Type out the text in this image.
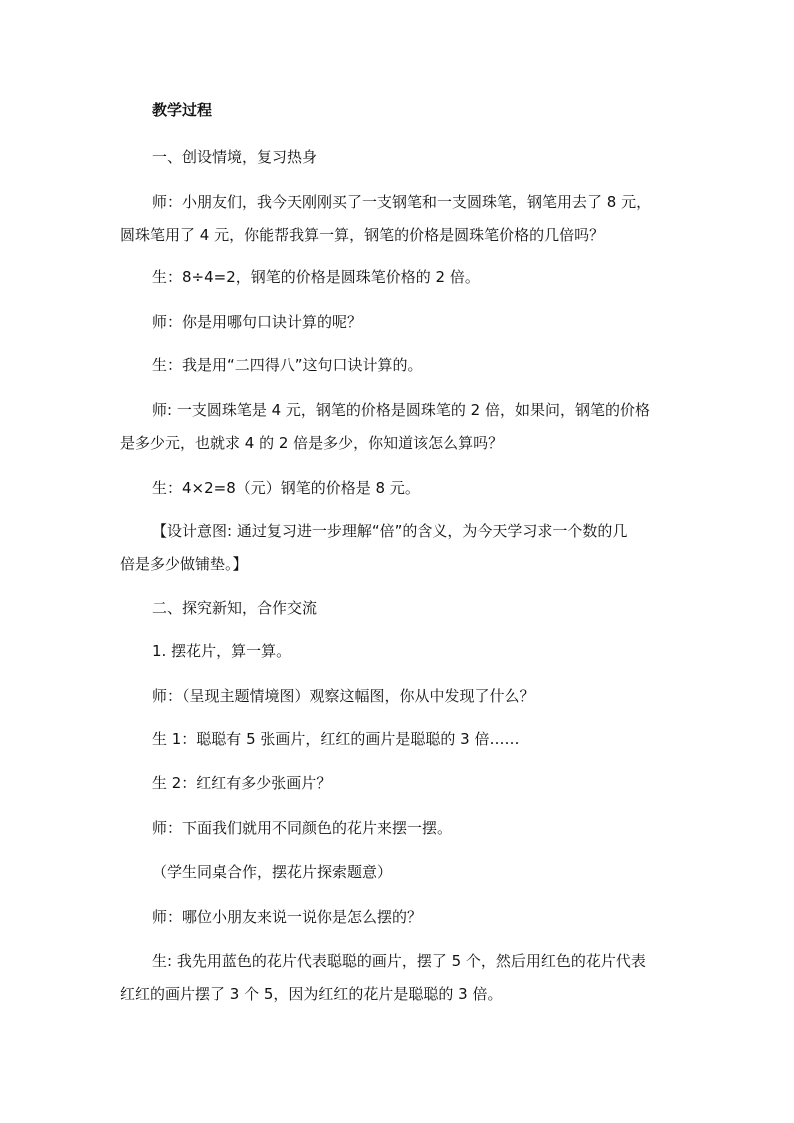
教学过程

一、创设情境，复习热身

师：小朋友们，我今天刚刚买了一支钢笔和一支圆珠笔，钢笔用去了 8 元，
圆珠笔用了 4 元，你能帮我算一算，钢笔的价格是圆珠笔价格的几倍吗？

生：8÷4=2，钢笔的价格是圆珠笔价格的 2 倍。

师：你是用哪句口诀计算的呢？

生：我是用“二四得八”这句口诀计算的。

师: 一支圆珠笔是 4 元，钢笔的价格是圆珠笔的 2 倍，如果问，钢笔的价格
是多少元，也就求 4 的 2 倍是多少，你知道该怎么算吗？

生：4×2=8（元）钢笔的价格是 8 元。

【设计意图: 通过复习进一步理解“倍”的含义，为今天学习求一个数的几
倍是多少做铺垫。】

二、探究新知，合作交流

1. 摆花片，算一算。

师：（呈现主题情境图）观察这幅图，你从中发现了什么？

生 1：聪聪有 5 张画片，红红的画片是聪聪的 3 倍……

生 2：红红有多少张画片？

师：下面我们就用不同颜色的花片来摆一摆。

（学生同桌合作，摆花片探索题意）

师：哪位小朋友来说一说你是怎么摆的？

生: 我先用蓝色的花片代表聪聪的画片，摆了 5 个，然后用红色的花片代表
红红的画片摆了 3 个 5，因为红红的花片是聪聪的 3 倍。
